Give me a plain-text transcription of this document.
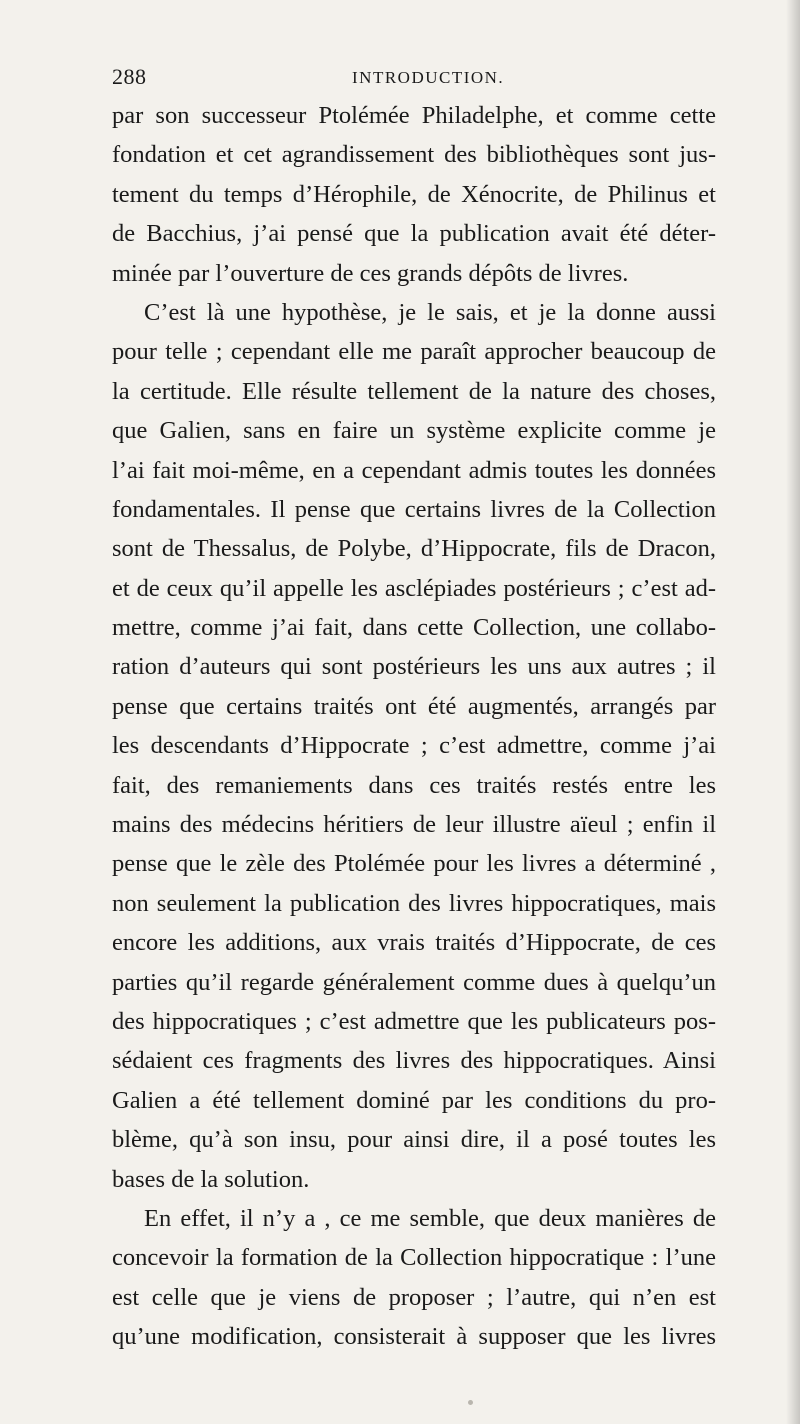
288	INTRODUCTION.
par son successeur Ptolémée Philadelphe, et comme cette
fondation et cet agrandissement des bibliothèques sont jus-
tement du temps d’Hérophile, de Xénocrite, de Philinus et
de Bacchius, j’ai pensé que la publication avait été déter-
minée par l’ouverture de ces grands dépôts de livres.
C’est là une hypothèse, je le sais, et je la donne aussi
pour telle ; cependant elle me paraît approcher beaucoup de
la certitude. Elle résulte tellement de la nature des choses,
que Galien, sans en faire un système explicite comme je
l’ai fait moi-même, en a cependant admis toutes les données
fondamentales. Il pense que certains livres de la Collection
sont de Thessalus, de Polybe, d’Hippocrate, fils de Dracon,
et de ceux qu’il appelle les asclépiades postérieurs ; c’est ad-
mettre, comme j’ai fait, dans cette Collection, une collabo-
ration d’auteurs qui sont postérieurs les uns aux autres ; il
pense que certains traités ont été augmentés, arrangés par
les descendants d’Hippocrate ; c’est admettre, comme j’ai
fait, des remaniements dans ces traités restés entre les
mains des médecins héritiers de leur illustre aïeul ; enfin il
pense que le zèle des Ptolémée pour les livres a déterminé ,
non seulement la publication des livres hippocratiques, mais
encore les additions, aux vrais traités d’Hippocrate, de ces
parties qu’il regarde généralement comme dues à quelqu’un
des hippocratiques ; c’est admettre que les publicateurs pos-
sédaient ces fragments des livres des hippocratiques. Ainsi
Galien a été tellement dominé par les conditions du pro-
blème, qu’à son insu, pour ainsi dire, il a posé toutes les
bases de la solution.
En effet, il n’y a , ce me semble, que deux manières de
concevoir la formation de la Collection hippocratique : l’une
est celle que je viens de proposer ; l’autre, qui n’en est
qu’une modification, consisterait à supposer que les livres
